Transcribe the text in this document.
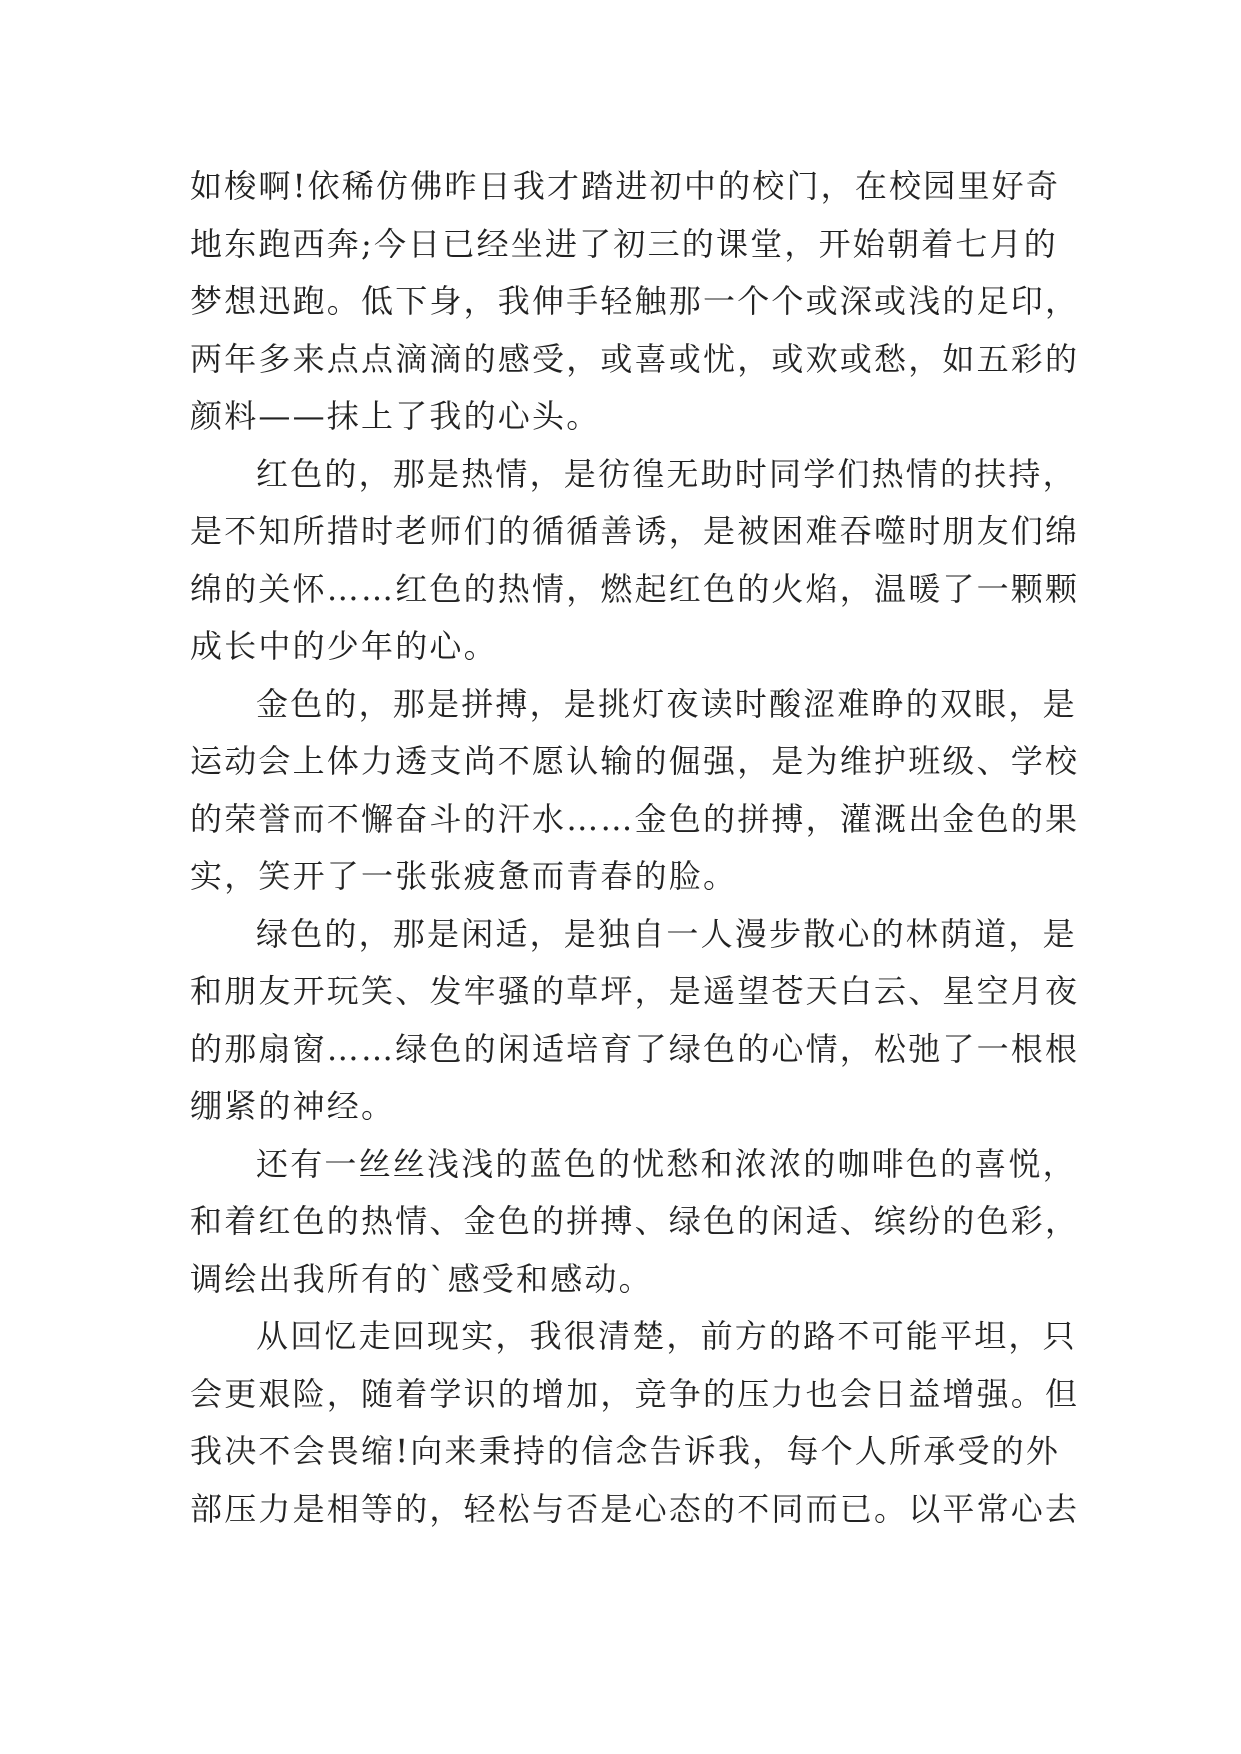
如梭啊!依稀仿佛昨日我才踏进初中的校门，在校园里好奇
地东跑西奔;今日已经坐进了初三的课堂，开始朝着七月的
梦想迅跑。低下身，我伸手轻触那一个个或深或浅的足印，
两年多来点点滴滴的感受，或喜或忧，或欢或愁，如五彩的
颜料——抹上了我的心头。
红色的，那是热情，是彷徨无助时同学们热情的扶持，
是不知所措时老师们的循循善诱，是被困难吞噬时朋友们绵
绵的关怀……红色的热情，燃起红色的火焰，温暖了一颗颗
成长中的少年的心。
金色的，那是拼搏，是挑灯夜读时酸涩难睁的双眼，是
运动会上体力透支尚不愿认输的倔强，是为维护班级、学校
的荣誉而不懈奋斗的汗水……金色的拼搏，灌溉出金色的果
实，笑开了一张张疲惫而青春的脸。
绿色的，那是闲适，是独自一人漫步散心的林荫道，是
和朋友开玩笑、发牢骚的草坪，是遥望苍天白云、星空月夜
的那扇窗……绿色的闲适培育了绿色的心情，松弛了一根根
绷紧的神经。
还有一丝丝浅浅的蓝色的忧愁和浓浓的咖啡色的喜悦，
和着红色的热情、金色的拼搏、绿色的闲适、缤纷的色彩，
调绘出我所有的`感受和感动。
从回忆走回现实，我很清楚，前方的路不可能平坦，只
会更艰险，随着学识的增加，竞争的压力也会日益增强。但
我决不会畏缩!向来秉持的信念告诉我，每个人所承受的外
部压力是相等的，轻松与否是心态的不同而已。以平常心去
